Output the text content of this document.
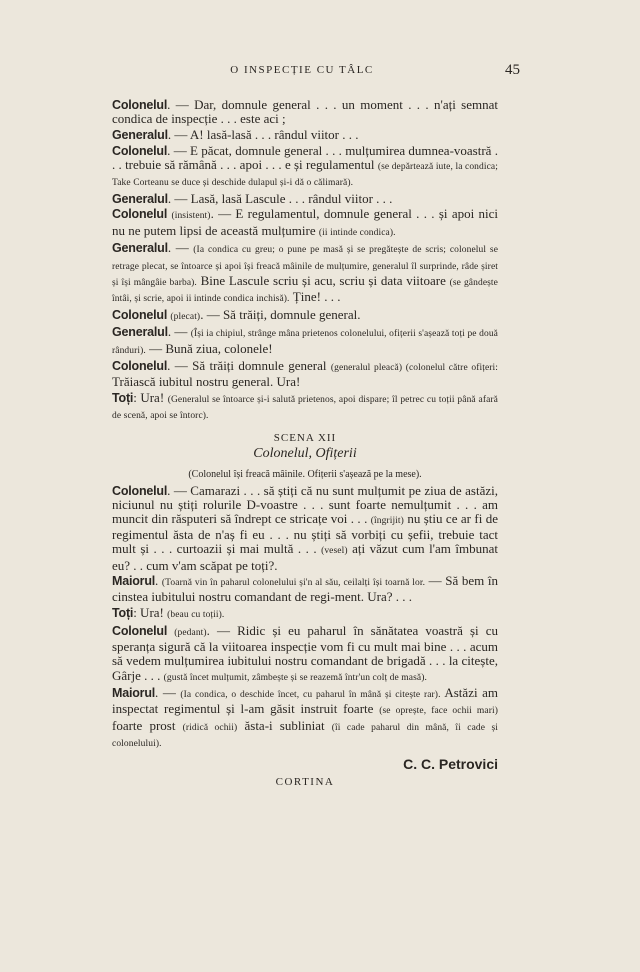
O INSPECȚIE CU TÂLC	45

Colonelul. — Dar, domnule general . . . un moment . . . n'ați semnat condica de inspecție . . . este aci ;

Generalul. — A! lasă-lasă . . . rândul viitor . . .

Colonelul. — E păcat, domnule general . . . mulțumirea dumnea-voastră . . . trebuie să rămână . . . apoi . . . e și regulamentul (se depărtează iute, la condica; Take Corteanu se duce și deschide dulapul și-i dă o călimară).

Generalul. — Lasă, lasă Lascule . . . rândul viitor . . .

Colonelul (insistent). — E regulamentul, domnule general . . . și apoi nici nu ne putem lipsi de această mulțumire (ii intinde condica).

Generalul. — (Ia condica cu greu; o pune pe masă și se pregătește de scris; colonelul se retrage plecat, se întoarce și apoi își freacă mâinile de mulțumire, generalul îl surprinde, râde șiret și își mângâie barba). Bine Lascule scriu și acu, scriu și data viitoare (se gândește întâi, și scrie, apoi ii intinde condica inchisă). Ține! . . .

Colonelul (plecat). — Să trăiți, domnule general.

Generalul. — (Își ia chipiul, strânge mâna prietenos colonelului, ofițerii s'așează toți pe două rânduri). — Bună ziua, colonele!

Colonelul. — Să trăiți domnule general (generalul pleacă) (colonelul către ofițeri: Trăiască iubitul nostru general. Ura!

Toți: Ura! (Generalul se întoarce și-i salută prietenos, apoi dispare; îl petrec cu toții până afară de scenă, apoi se întorc).

SCENA XII
Colonelul, Ofițerii
(Colonelul își freacă mâinile. Ofițerii s'așează pe la mese).

Colonelul. — Camarazi . . . să știți că nu sunt mulțumit pe ziua de astăzi, niciunul nu știți rolurile D-voastre . . . sunt foarte nemulțumit . . . am muncit din răsputeri să îndrept ce stricațe voi . . . (îngrijit) nu știu ce ar fi de regimentul ăsta de n'aș fi eu . . . nu știți să vorbiți cu șefii, trebuie tact mult și . . . curtoazii și mai multă . . . (vesel) ați văzut cum l'am îmbunat eu? . . cum v'am scăpat pe toți?.

Maiorul. (Toarnă vin în paharul colonelului și'n al său, ceilalți își toarnă lor. — Să bem în cinstea iubitului nostru comandant de regi-ment. Ura? . . .

Toți: Ura! (beau cu toții).

Colonelul (pedant). — Ridic și eu paharul în sănătatea voastră și cu speranța sigură că la viitoarea inspecție vom fi cu mult mai bine . . . acum să vedem mulțumirea iubitului nostru comandant de brigadă . . . la citește, Gârje . . . (gustă încet mulțumit, zâmbește și se reazemă într'un colț de masă).

Maiorul. — (Ia condica, o deschide încet, cu paharul în mână și citește rar). Astăzi am inspectat regimentul și l-am găsit instruit foarte (se oprește, face ochii mari) foarte prost (ridică ochii) ăsta-i subliniat (îi cade paharul din mână, îi cade și colonelului).

C. C. Petrovici
CORTINA
